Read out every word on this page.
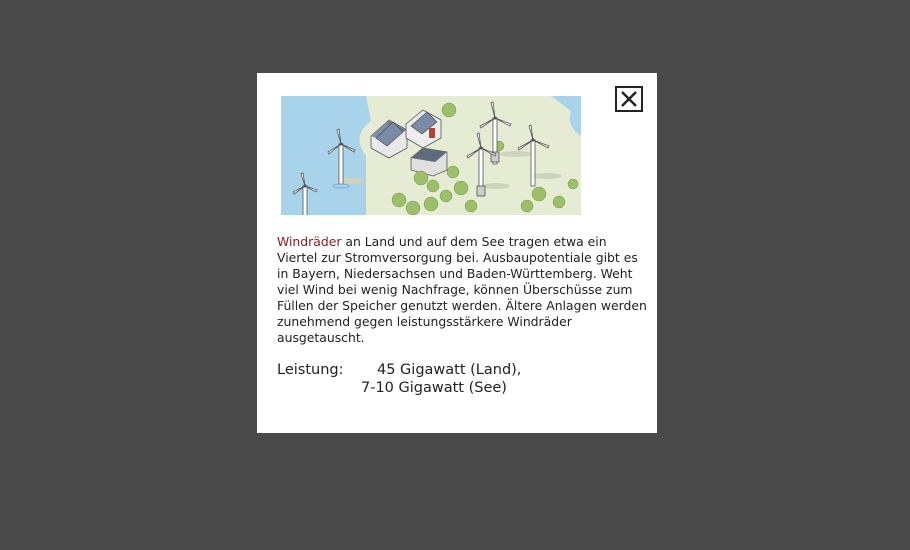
Windräder an Land und auf dem See tragen etwa ein Viertel zur Stromversorgung bei. Ausbaupotentiale gibt es in Bayern, Niedersachsen und Baden-Württemberg. Weht viel Wind bei wenig Nachfrage, können Überschüsse zum Füllen der Speicher genutzt werden. Ältere Anlagen werden zunehmend gegen leistungsstärkere Windräder ausgetauscht.
Leistung: 45 Gigawatt (Land),
7-10 Gigawatt (See)
